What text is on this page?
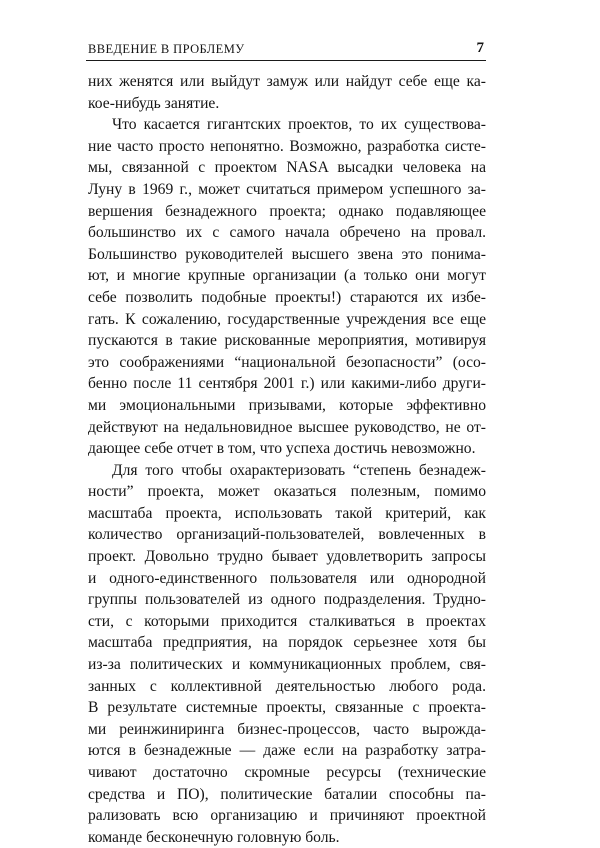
ВВЕДЕНИЕ В ПРОБЛЕМУ	7
них женятся или выйдут замуж или найдут себе еще ка-
кое-нибудь занятие.
Что касается гигантских проектов, то их существова-
ние часто просто непонятно. Возможно, разработка систе-
мы, связанной с проектом NASA высадки человека на
Луну в 1969 г., может считаться примером успешного за-
вершения безнадежного проекта; однако подавляющее
большинство их с самого начала обречено на провал.
Большинство руководителей высшего звена это понима-
ют, и многие крупные организации (а только они могут
себе позволить подобные проекты!) стараются их избе-
гать. К сожалению, государственные учреждения все еще
пускаются в такие рискованные мероприятия, мотивируя
это соображениями “национальной безопасности” (осо-
бенно после 11 сентября 2001 г.) или какими-либо други-
ми эмоциональными призывами, которые эффективно
действуют на недальновидное высшее руководство, не от-
дающее себе отчет в том, что успеха достичь невозможно.
Для того чтобы охарактеризовать “степень безнадеж-
ности” проекта, может оказаться полезным, помимо
масштаба проекта, использовать такой критерий, как
количество организаций-пользователей, вовлеченных в
проект. Довольно трудно бывает удовлетворить запросы
и одного-единственного пользователя или однородной
группы пользователей из одного подразделения. Трудно-
сти, с которыми приходится сталкиваться в проектах
масштаба предприятия, на порядок серьезнее хотя бы
из-за политических и коммуникационных проблем, свя-
занных с коллективной деятельностью любого рода.
В результате системные проекты, связанные с проекта-
ми реинжиниринга бизнес-процессов, часто вырожда-
ются в безнадежные — даже если на разработку затра-
чивают достаточно скромные ресурсы (технические
средства и ПО), политические баталии способны па-
рализовать всю организацию и причиняют проектной
команде бесконечную головную боль.
